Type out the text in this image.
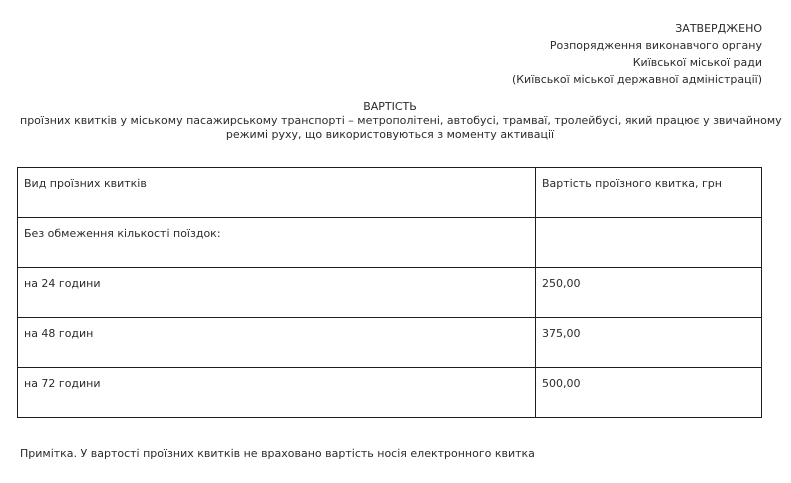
ЗАТВЕРДЖЕНО
Розпорядження виконавчого органу
Київської міської ради
(Київської міської державної адміністрації)
ВАРТІСТЬ
проїзних квитків у міському пасажирському транспорті – метрополітені, автобусі, трамваї, тролейбусі, який працює у звичайному
режимі руху, що використовуються з моменту активації
Вид проїзних квитків	Вартість проїзного квитка, грн
Без обмеження кількості поїздок:	
на 24 години	250,00
на 48 годин	375,00
на 72 години	500,00
Примітка. У вартості проїзних квитків не враховано вартість носія електронного квитка
